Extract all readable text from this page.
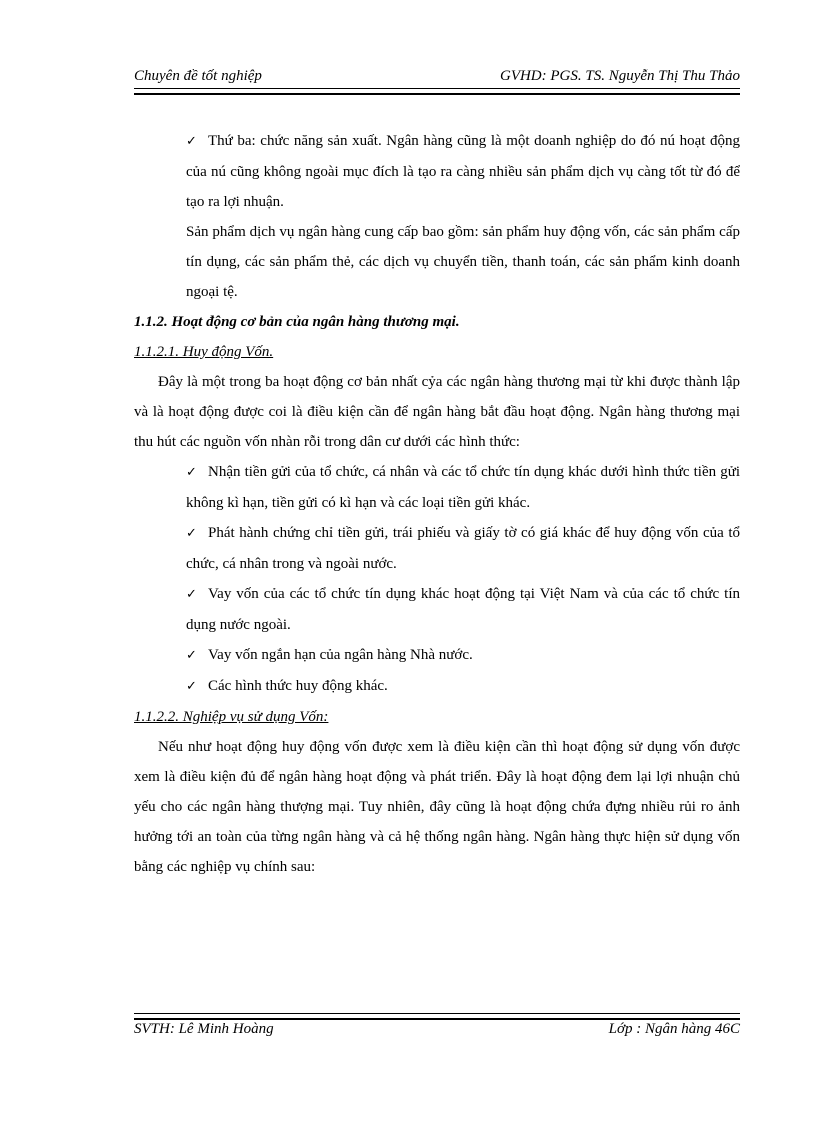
Chuyên đề tốt nghiệp	GVHD: PGS. TS. Nguyễn Thị Thu Thảo

✓ Thứ ba: chức năng sản xuất. Ngân hàng cũng là một doanh nghiệp do đó nú hoạt động của nú cũng không ngoài mục đích là tạo ra càng nhiều sản phẩm dịch vụ càng tốt từ đó để tạo ra lợi nhuận.

Sản phẩm dịch vụ ngân hàng cung cấp bao gồm: sản phẩm huy động vốn, các sản phẩm cấp tín dụng, các sản phẩm thẻ, các dịch vụ chuyển tiền, thanh toán, các sản phẩm kinh doanh ngoại tệ.

1.1.2. Hoạt động cơ bản của ngân hàng thương mại.

1.1.2.1. Huy động Vốn.

Đây là một trong ba hoạt động cơ bản nhất cỷa các ngân hàng thương mại từ khi được thành lập và là hoạt động được coi là điều kiện cần để ngân hàng bắt đầu hoạt động. Ngân hàng thương mại thu hút các nguồn vốn nhàn rỗi trong dân cư dưới các hình thức:

✓ Nhận tiền gửi của tổ chức, cá nhân và các tổ chức tín dụng khác dưới hình thức tiền gửi không kì hạn, tiền gửi có kì hạn và các loại tiền gửi khác.

✓ Phát hành chứng chỉ tiền gửi, trái phiếu và giấy tờ có giá khác để huy động vốn của tổ chức, cá nhân trong và ngoài nước.

✓ Vay vốn của các tổ chức tín dụng khác hoạt động tại Việt Nam và của các tổ chức tín dụng nước ngoài.

✓ Vay vốn ngắn hạn của ngân hàng Nhà nước.

✓ Các hình thức huy động khác.

1.1.2.2. Nghiệp vụ sử dụng Vốn:

Nếu như hoạt động huy động vốn được xem là điều kiện cần thì hoạt động sử dụng vốn được xem là điều kiện đủ để ngân hàng hoạt động và phát triển. Đây là hoạt động đem lại lợi nhuận chủ yếu cho các ngân hàng thượng mại. Tuy nhiên, đây cũng là hoạt động chứa đựng nhiều rủi ro ảnh hưởng tới an toàn của từng ngân hàng và cả hệ thống ngân hàng. Ngân hàng thực hiện sử dụng vốn bằng các nghiệp vụ chính sau:

SVTH: Lê Minh Hoàng	Lớp : Ngân hàng 46C
